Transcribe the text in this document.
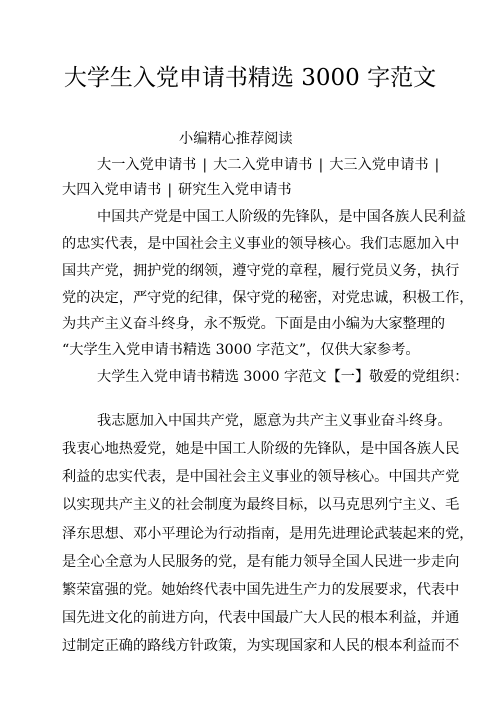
大学生入党申请书精选 3000 字范文
小编精心推荐阅读
大一入党申请书 | 大二入党申请书 | 大三入党申请书 |
大四入党申请书 | 研究生入党申请书
中国共产党是中国工人阶级的先锋队，是中国各族人民利益
的忠实代表，是中国社会主义事业的领导核心。我们志愿加入中
国共产党，拥护党的纲领，遵守党的章程，履行党员义务，执行
党的决定，严守党的纪律，保守党的秘密，对党忠诚，积极工作，
为共产主义奋斗终身，永不叛党。下面是由小编为大家整理的
“大学生入党申请书精选 3000 字范文”，仅供大家参考。
大学生入党申请书精选 3000 字范文【一】敬爱的党组织：
我志愿加入中国共产党，愿意为共产主义事业奋斗终身。
我衷心地热爱党，她是中国工人阶级的先锋队，是中国各族人民
利益的忠实代表，是中国社会主义事业的领导核心。中国共产党
以实现共产主义的社会制度为最终目标，以马克思列宁主义、毛
泽东思想、邓小平理论为行动指南，是用先进理论武装起来的党，
是全心全意为人民服务的党，是有能力领导全国人民进一步走向
繁荣富强的党。她始终代表中国先进生产力的发展要求，代表中
国先进文化的前进方向，代表中国最广大人民的根本利益，并通
过制定正确的路线方针政策，为实现国家和人民的根本利益而不
